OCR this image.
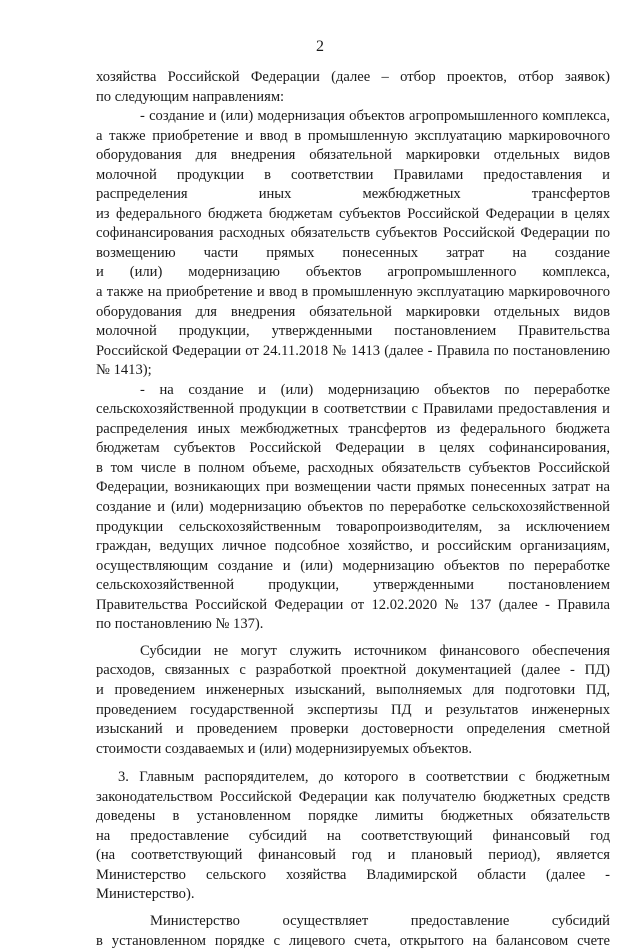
2
хозяйства Российской Федерации (далее – отбор проектов, отбор заявок)
по следующим направлениям:
- создание и (или) модернизация объектов агропромышленного комплекса,
а также приобретение и ввод в промышленную эксплуатацию маркировочного
оборудования для внедрения обязательной маркировки отдельных видов
молочной продукции в соответствии Правилами предоставления и
распределения иных межбюджетных трансфертов
из федерального бюджета бюджетам субъектов Российской Федерации в целях
софинансирования расходных обязательств субъектов Российской Федерации по
возмещению части прямых понесенных затрат на создание
и (или) модернизацию объектов агропромышленного комплекса,
а также на приобретение и ввод в промышленную эксплуатацию маркировочного
оборудования для внедрения обязательной маркировки отдельных видов
молочной продукции, утвержденными постановлением Правительства
Российской Федерации от 24.11.2018 № 1413 (далее - Правила по постановлению
№ 1413);
- на создание и (или) модернизацию объектов по переработке
сельскохозяйственной продукции в соответствии с Правилами предоставления и
распределения иных межбюджетных трансфертов из федерального бюджета
бюджетам субъектов Российской Федерации в целях софинансирования,
в том числе в полном объеме, расходных обязательств субъектов Российской
Федерации, возникающих при возмещении части прямых понесенных затрат на
создание и (или) модернизацию объектов по переработке сельскохозяйственной
продукции сельскохозяйственным товаропроизводителям, за исключением
граждан, ведущих личное подсобное хозяйство, и российским организациям,
осуществляющим создание и (или) модернизацию объектов по переработке
сельскохозяйственной продукции, утвержденными постановлением
Правительства Российской Федерации от 12.02.2020 № 137 (далее - Правила
по постановлению № 137).
Субсидии не могут служить источником финансового обеспечения
расходов, связанных с разработкой проектной документацией (далее - ПД)
и проведением инженерных изысканий, выполняемых для подготовки ПД,
проведением государственной экспертизы ПД и результатов инженерных
изысканий и проведением проверки достоверности определения сметной
стоимости создаваемых и (или) модернизируемых объектов.
3. Главным распорядителем, до которого в соответствии с бюджетным
законодательством Российской Федерации как получателю бюджетных средств
доведены в установленном порядке лимиты бюджетных обязательств
на предоставление субсидий на соответствующий финансовый год
(на соответствующий финансовый год и плановый период), является
Министерство сельского хозяйства Владимирской области (далее -
Министерство).
Министерство осуществляет предоставление субсидий
в установленном порядке с лицевого счета, открытого на балансовом счете
